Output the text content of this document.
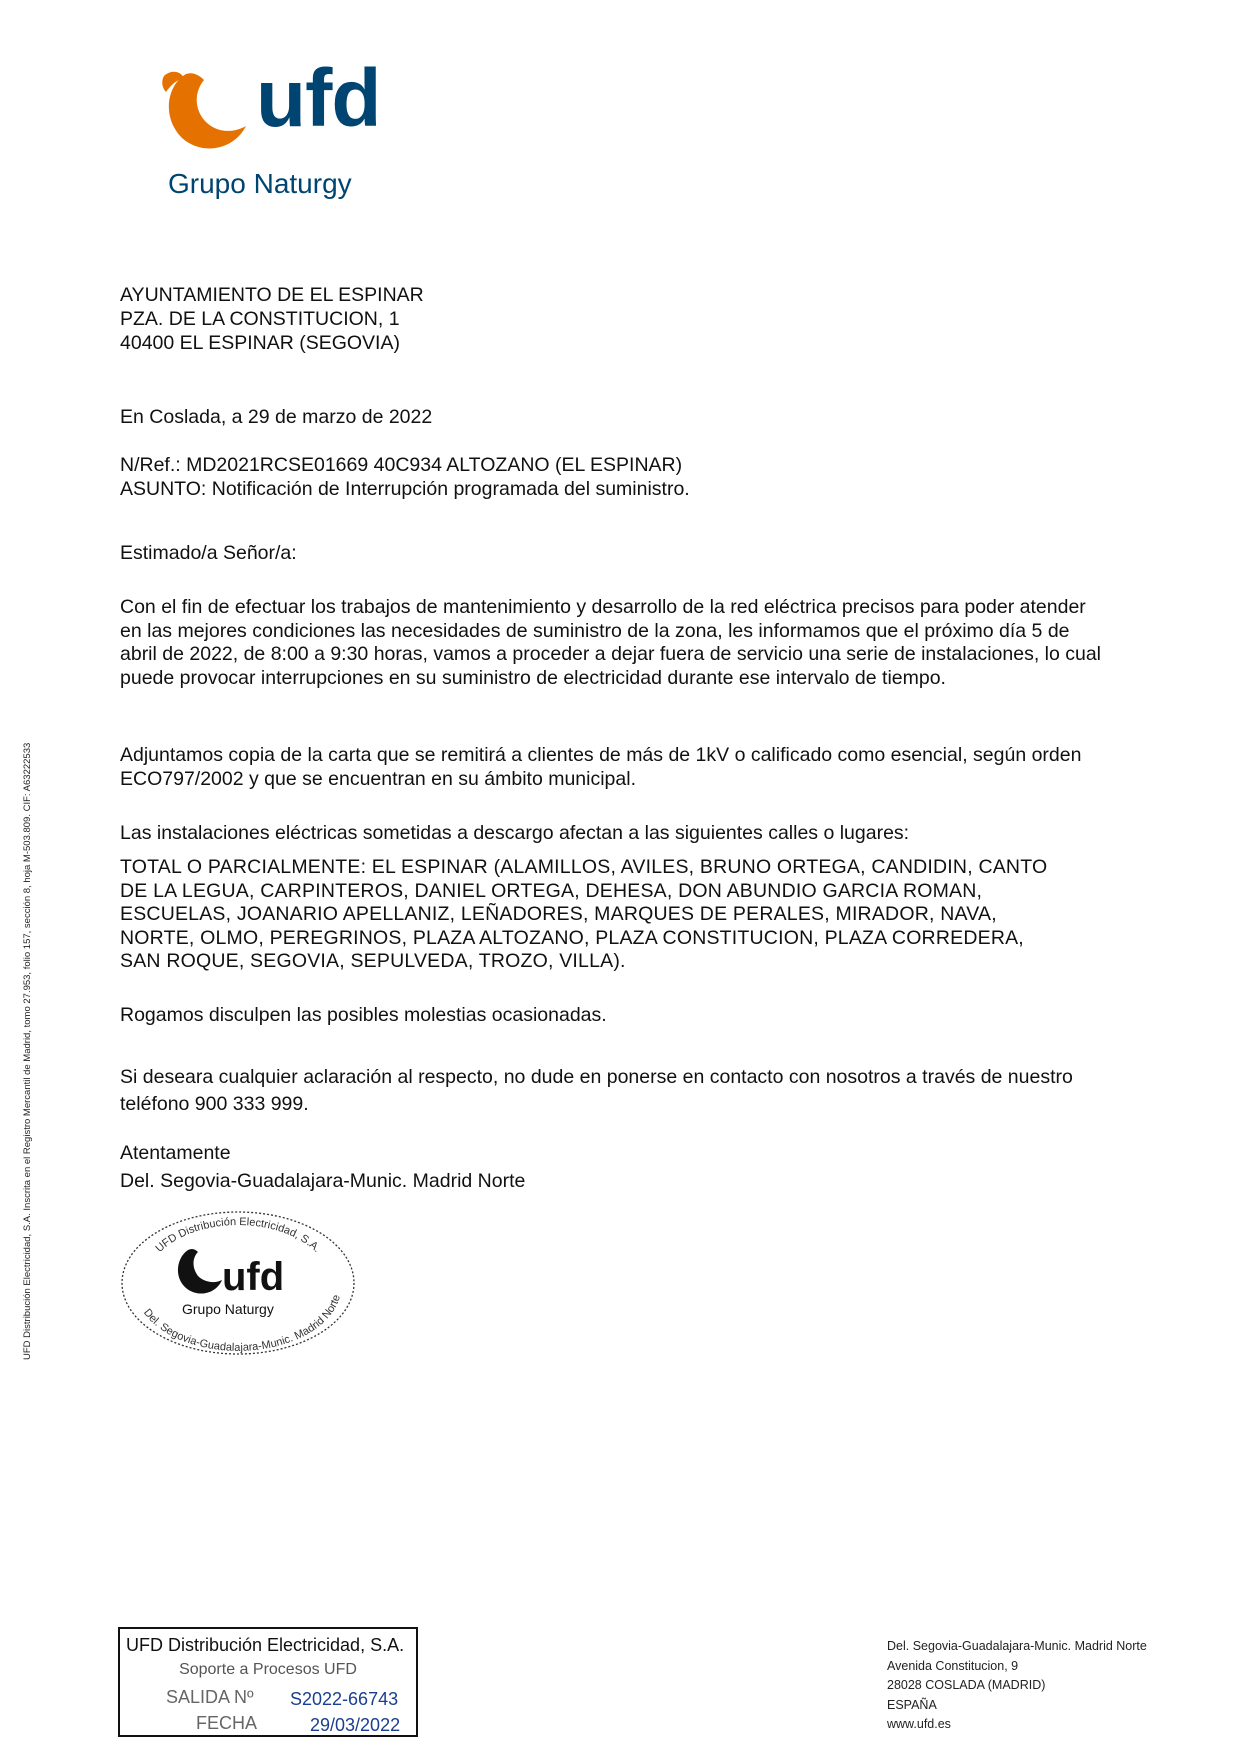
ufd
Grupo Naturgy
AYUNTAMIENTO DE EL ESPINAR
PZA. DE LA CONSTITUCION, 1
40400 EL ESPINAR (SEGOVIA)
En Coslada, a 29 de marzo de 2022
N/Ref.: MD2021RCSE01669 40C934 ALTOZANO (EL ESPINAR)
ASUNTO: Notificación de Interrupción programada del suministro.
Estimado/a Señor/a:
Con el fin de efectuar los trabajos de mantenimiento y desarrollo de la red eléctrica precisos para poder atender en las mejores condiciones las necesidades de suministro de la zona, les informamos que el próximo día 5 de abril de 2022, de 8:00 a 9:30 horas, vamos a proceder a dejar fuera de servicio una serie de instalaciones, lo cual puede provocar interrupciones en su suministro de electricidad durante ese intervalo de tiempo.
Adjuntamos copia de la carta que se remitirá a clientes de más de 1kV o calificado como esencial, según orden ECO797/2002 y que se encuentran en su ámbito municipal.
Las instalaciones eléctricas sometidas a descargo afectan a las siguientes calles o lugares:
TOTAL O PARCIALMENTE: EL ESPINAR (ALAMILLOS, AVILES, BRUNO ORTEGA, CANDIDIN, CANTO
DE LA LEGUA, CARPINTEROS, DANIEL ORTEGA, DEHESA, DON ABUNDIO GARCIA ROMAN,
ESCUELAS, JOANARIO APELLANIZ, LEÑADORES, MARQUES DE PERALES, MIRADOR, NAVA,
NORTE, OLMO, PEREGRINOS, PLAZA ALTOZANO, PLAZA CONSTITUCION, PLAZA CORREDERA,
SAN ROQUE, SEGOVIA, SEPULVEDA, TROZO, VILLA).
Rogamos disculpen las posibles molestias ocasionadas.
Si deseara cualquier aclaración al respecto, no dude en ponerse en contacto con nosotros a través de nuestro teléfono 900 333 999.
Atentamente
Del. Segovia-Guadalajara-Munic. Madrid Norte
UFD Distribución Electricidad, S.A.
Del. Segovia-Guadalajara-Munic. Madrid Norte
ufd
Grupo Naturgy
UFD Distribución Electricidad, S.A. Inscrita en el Registro Mercantil de Madrid, tomo 27.953, folio 157, sección 8, hoja M-503.809. CIF: A63222533
UFD Distribución Electricidad, S.A.
Soporte a Procesos UFD
SALIDA Nº S2022-66743
FECHA	29/03/2022
Del. Segovia-Guadalajara-Munic. Madrid Norte
Avenida Constitucion, 9
28028 COSLADA (MADRID)
ESPAÑA
www.ufd.es
